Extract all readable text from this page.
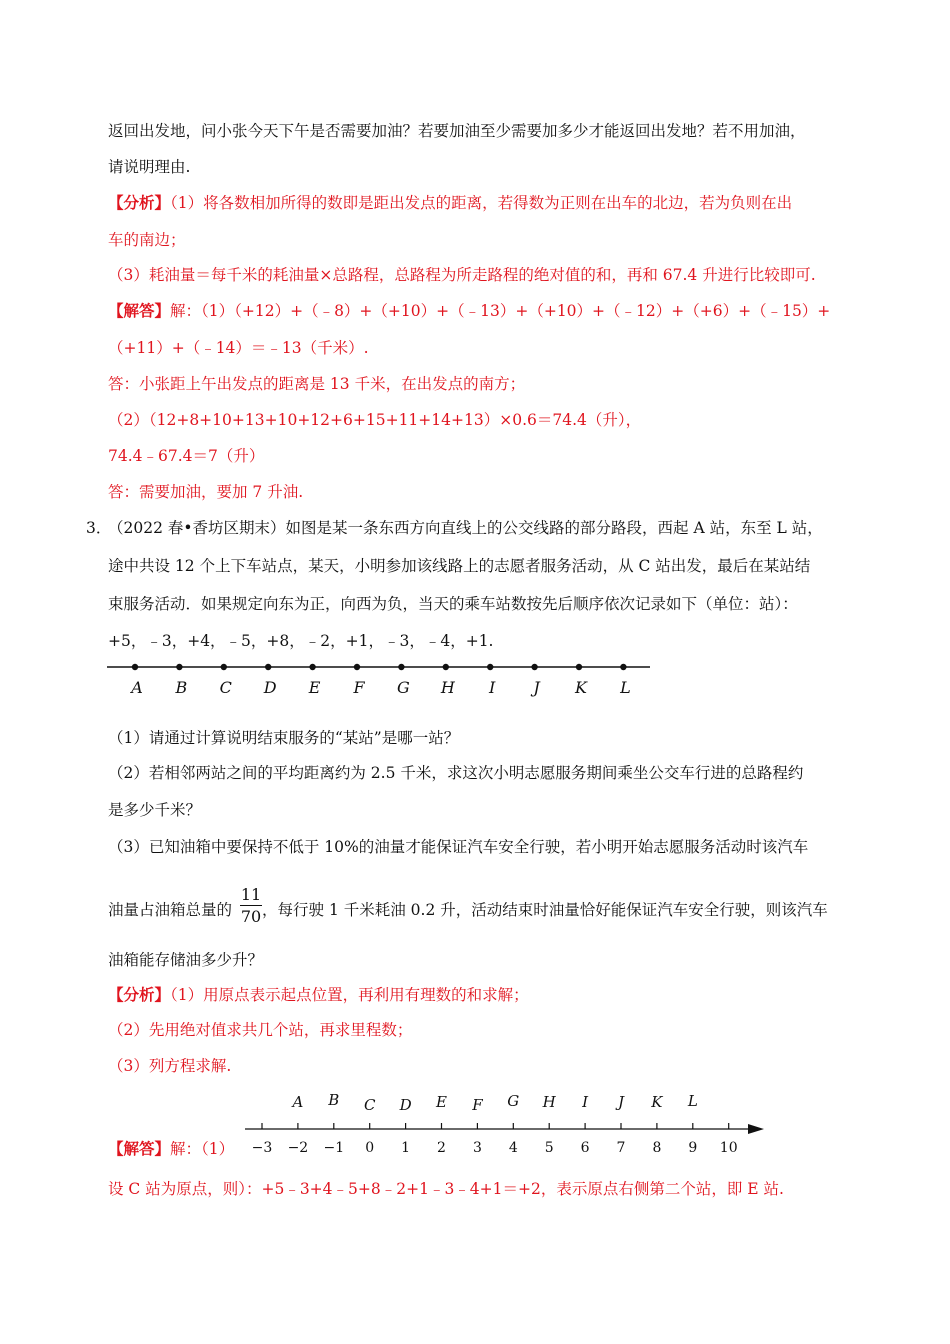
返回出发地，问小张今天下午是否需要加油？若要加油至少需要加多少才能返回出发地？若不用加油，
请说明理由.
【分析】（1）将各数相加所得的数即是距出发点的距离，若得数为正则在出车的北边，若为负则在出
车的南边；
（3）耗油量＝每千米的耗油量×总路程，总路程为所走路程的绝对值的和，再和 67.4 升进行比较即可.
【解答】解：（1）（+12）+（﹣8）+（+10）+（﹣13）+（+10）+（﹣12）+（+6）+（﹣15）+
（+11）+（﹣14）＝﹣13（千米）.
答：小张距上午出发点的距离是 13 千米，在出发点的南方；
（2）（12+8+10+13+10+12+6+15+11+14+13）×0.6＝74.4（升），
74.4﹣67.4＝7（升）
答：需要加油，要加 7 升油.
3．
（2022 春•香坊区期末）如图是某一条东西方向直线上的公交线路的部分路段，西起 A 站，东至 L 站，
途中共设 12 个上下车站点，某天，小明参加该线路上的志愿者服务活动，从 C 站出发，最后在某站结
束服务活动．如果规定向东为正，向西为负，当天的乘车站数按先后顺序依次记录如下（单位：站）：
+5，﹣3，+4，﹣5，+8，﹣2，+1，﹣3，﹣4，+1.
A B C D E F G H I J K L
（1）请通过计算说明结束服务的“某站”是哪一站？
（2）若相邻两站之间的平均距离约为 2.5 千米，求这次小明志愿服务期间乘坐公交车行进的总路程约
是多少千米？
（3）已知油箱中要保持不低于 10%的油量才能保证汽车安全行驶，若小明开始志愿服务活动时该汽车
油量占油箱总量的 ，每行驶 1 千米耗油 0.2 升，活动结束时油量恰好能保证汽车安全行驶，则该汽车
11
70
油箱能存储油多少升？
【分析】（1）用原点表示起点位置，再利用有理数的和求解；
（2）先用绝对值求共几个站，再求里程数；
（3）列方程求解.
−3 −2 −1 0 1 2 3 4 5 6 7 8 9 10
A B C D E F G H I J K L
【解答】解：（1）
设 C 站为原点，则）：+5﹣3+4﹣5+8﹣2+1﹣3﹣4+1＝+2，表示原点右侧第二个站，即 E 站.
